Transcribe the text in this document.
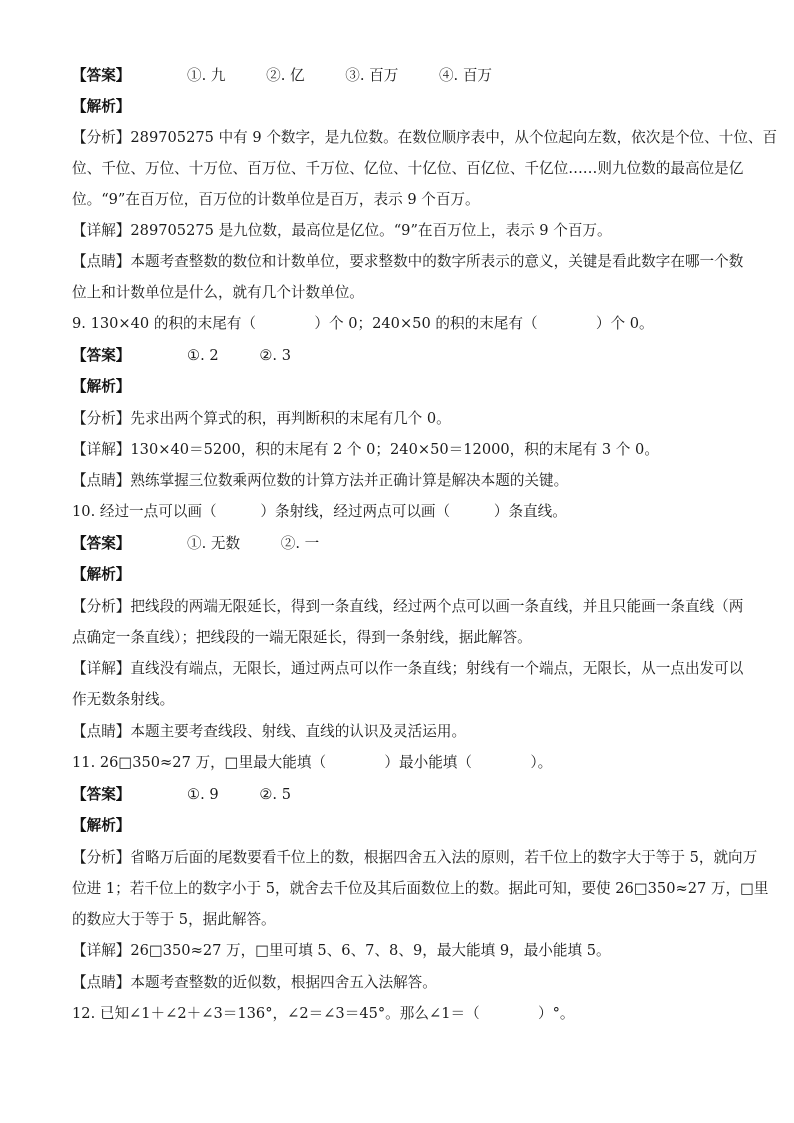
【答案】	①. 九	②. 亿	③. 百万	④. 百万
【解析】
【分析】289705275 中有 9 个数字，是九位数。在数位顺序表中，从个位起向左数，依次是个位、十位、百
位、千位、万位、十万位、百万位、千万位、亿位、十亿位、百亿位、千亿位……则九位数的最高位是亿
位。“9”在百万位，百万位的计数单位是百万，表示 9 个百万。
【详解】289705275 是九位数，最高位是亿位。“9”在百万位上，表示 9 个百万。
【点睛】本题考查整数的数位和计数单位，要求整数中的数字所表示的意义，关键是看此数字在哪一个数
位上和计数单位是什么，就有几个计数单位。
9. 130×40 的积的末尾有（　　　　）个 0；240×50 的积的末尾有（　　　　）个 0。
【答案】	①. 2	②. 3
【解析】
【分析】先求出两个算式的积，再判断积的末尾有几个 0。
【详解】130×40＝5200，积的末尾有 2 个 0；240×50＝12000，积的末尾有 3 个 0。
【点睛】熟练掌握三位数乘两位数的计算方法并正确计算是解决本题的关键。
10. 经过一点可以画（　　　）条射线，经过两点可以画（　　　）条直线。
【答案】	①. 无数	②. 一
【解析】
【分析】把线段的两端无限延长，得到一条直线，经过两个点可以画一条直线，并且只能画一条直线（两
点确定一条直线）；把线段的一端无限延长，得到一条射线，据此解答。
【详解】直线没有端点，无限长，通过两点可以作一条直线；射线有一个端点，无限长，从一点出发可以
作无数条射线。
【点睛】本题主要考查线段、射线、直线的认识及灵活运用。
11. 26□350≈27 万，□里最大能填（　　　　）最小能填（　　　　）。
【答案】	①. 9	②. 5
【解析】
【分析】省略万后面的尾数要看千位上的数，根据四舍五入法的原则，若千位上的数字大于等于 5，就向万
位进 1；若千位上的数字小于 5，就舍去千位及其后面数位上的数。据此可知，要使 26□350≈27 万，□里
的数应大于等于 5，据此解答。
【详解】26□350≈27 万，□里可填 5、6、7、8、9，最大能填 9，最小能填 5。
【点睛】本题考查整数的近似数，根据四舍五入法解答。
12. 已知∠1＋∠2＋∠3＝136°，∠2＝∠3＝45°。那么∠1＝（　　　　）°。
